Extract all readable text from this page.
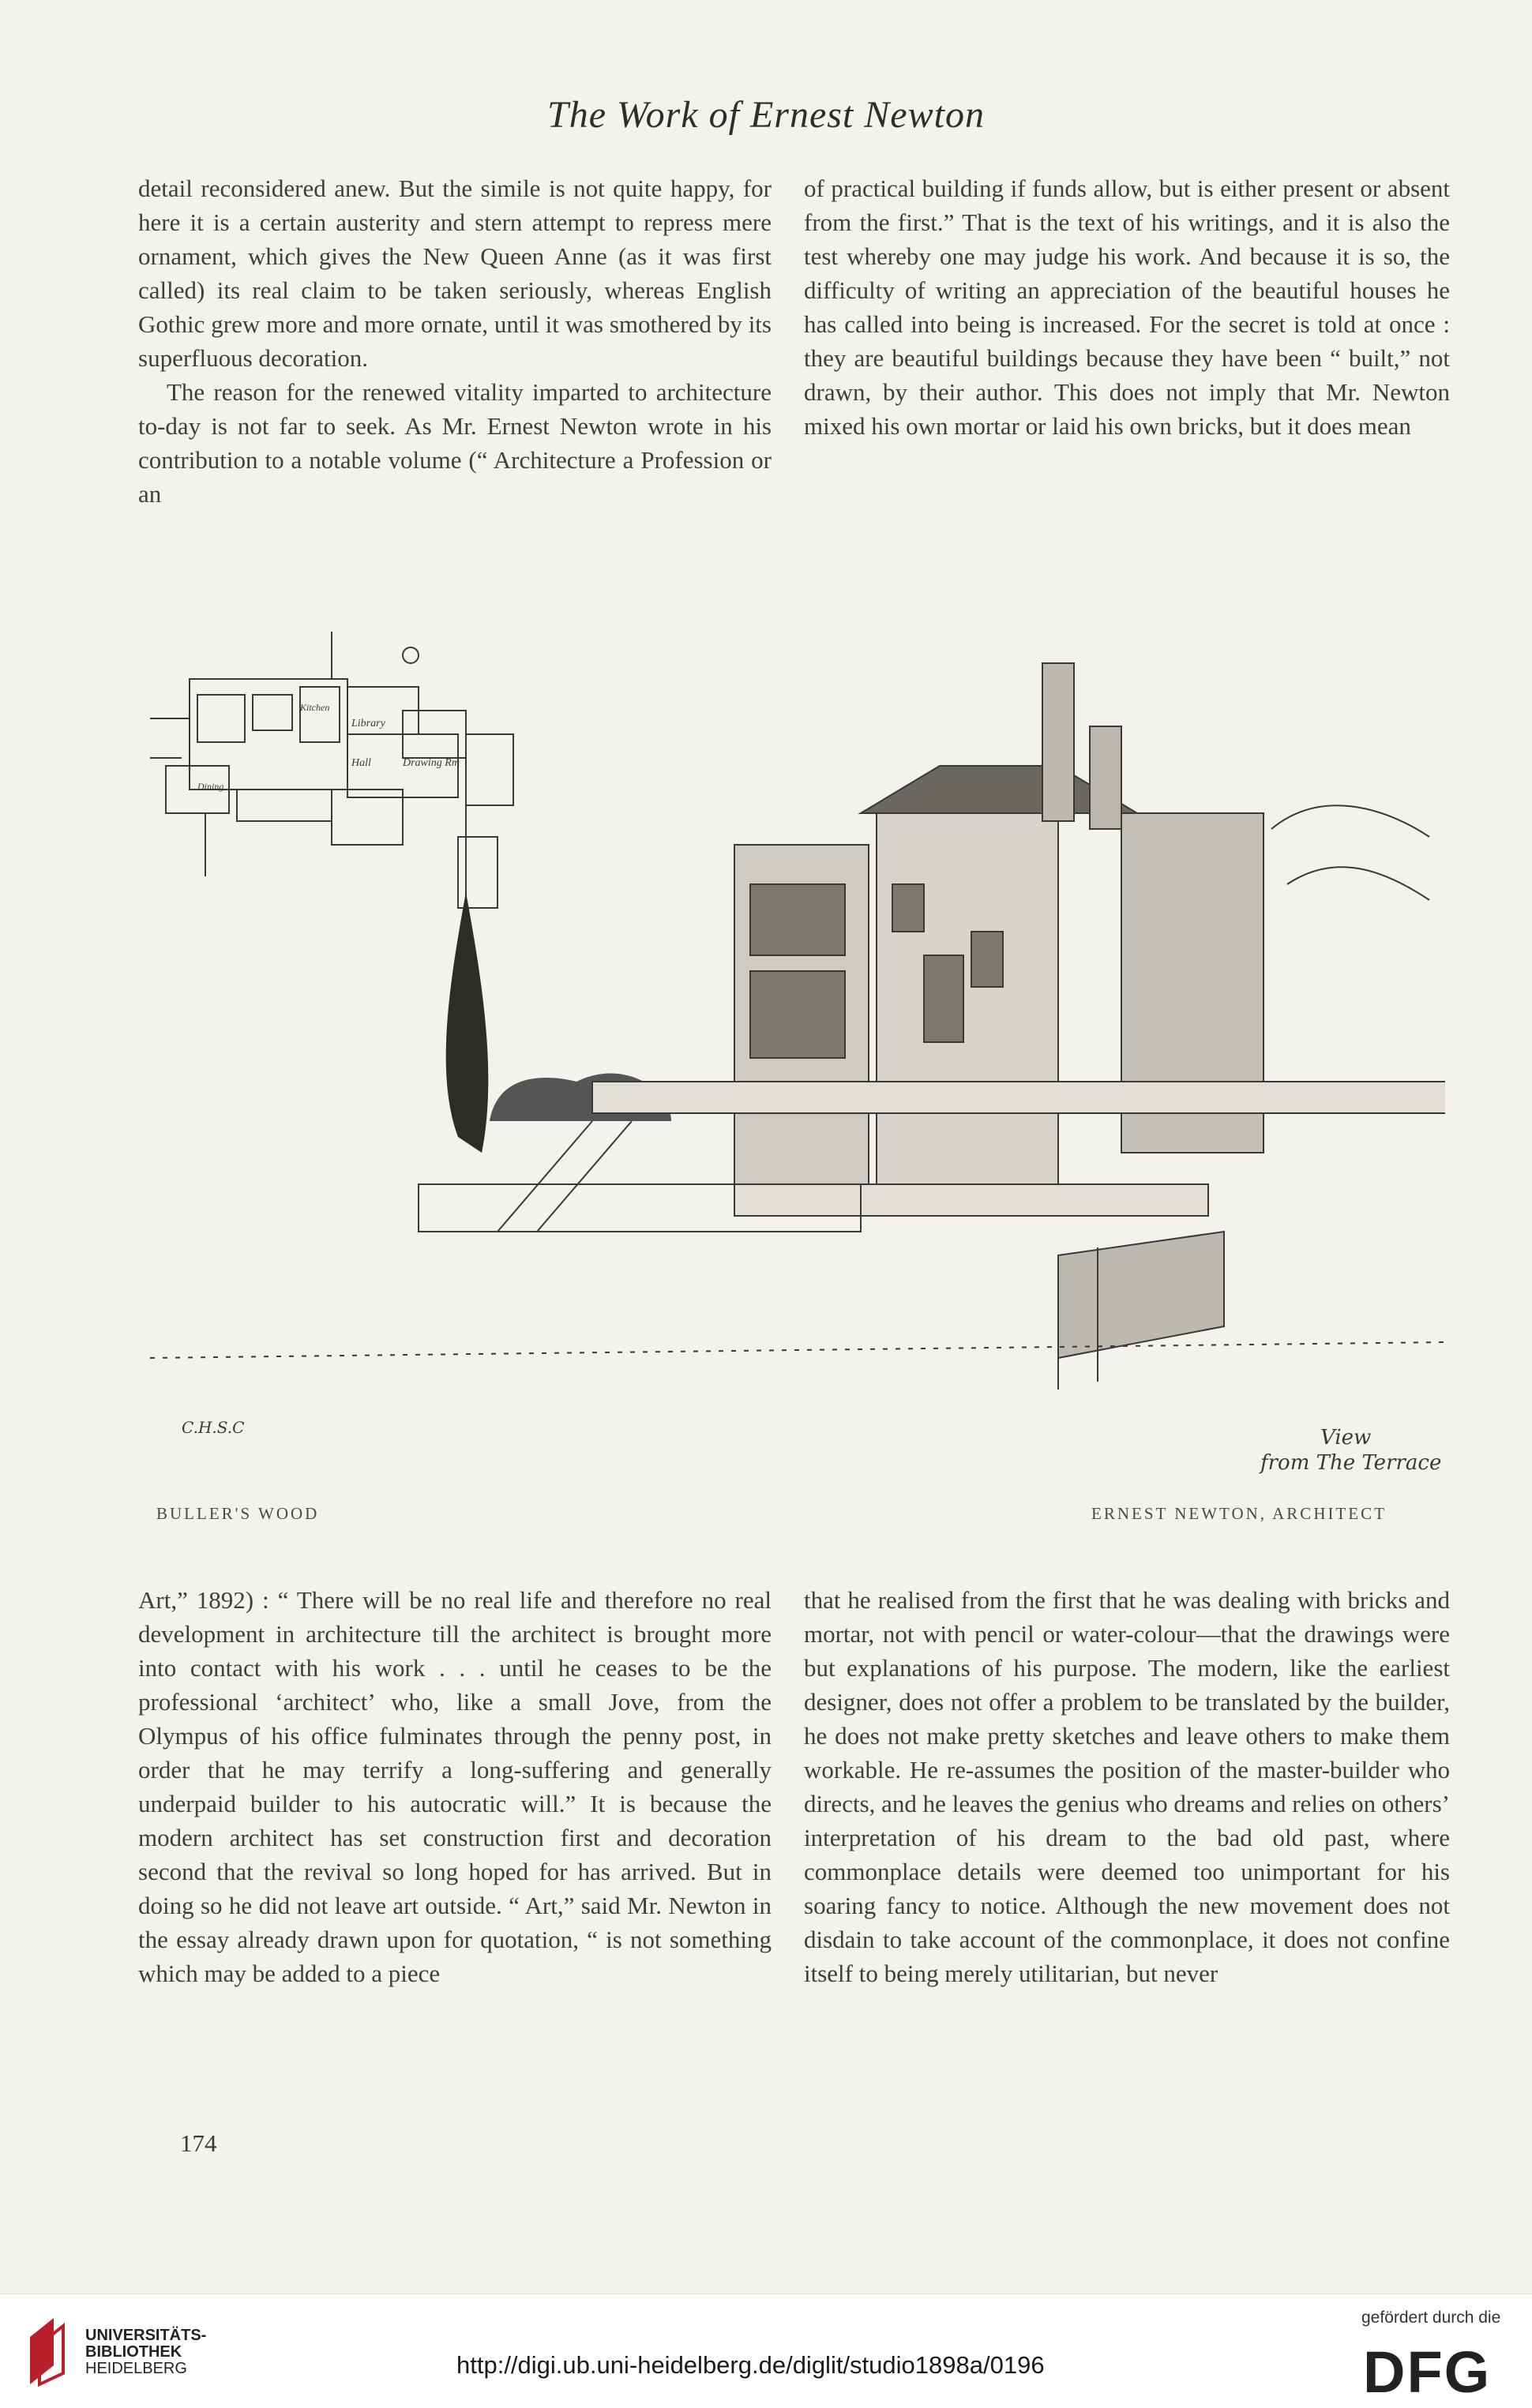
The Work of Ernest Newton

detail reconsidered anew. But the simile is not quite happy, for here it is a certain austerity and stern attempt to repress mere ornament, which gives the New Queen Anne (as it was first called) its real claim to be taken seriously, whereas English Gothic grew more and more ornate, until it was smothered by its superfluous decoration.

The reason for the renewed vitality imparted to architecture to-day is not far to seek. As Mr. Ernest Newton wrote in his contribution to a notable volume (“ Architecture a Profession or an

of practical building if funds allow, but is either present or absent from the first.” That is the text of his writings, and it is also the test whereby one may judge his work. And because it is so, the difficulty of writing an appreciation of the beautiful houses he has called into being is increased. For the secret is told at once : they are beautiful buildings because they have been “ built,” not drawn, by their author. This does not imply that Mr. Newton mixed his own mortar or laid his own bricks, but it does mean

Library
Hall	Drawing Rm
Dining
Kitchen
C.H.S.C	View
from The Terrace
BULLER'S WOOD	ERNEST NEWTON, ARCHITECT

Art,” 1892) : “ There will be no real life and therefore no real development in architecture till the architect is brought more into contact with his work . . . until he ceases to be the professional ‘architect’ who, like a small Jove, from the Olympus of his office fulminates through the penny post, in order that he may terrify a long-suffering and generally underpaid builder to his autocratic will.” It is because the modern architect has set construction first and decoration second that the revival so long hoped for has arrived. But in doing so he did not leave art outside. “ Art,” said Mr. Newton in the essay already drawn upon for quotation, “ is not something which may be added to a piece

that he realised from the first that he was dealing with bricks and mortar, not with pencil or water-colour—that the drawings were but explanations of his purpose. The modern, like the earliest designer, does not offer a problem to be translated by the builder, he does not make pretty sketches and leave others to make them workable. He re-assumes the position of the master-builder who directs, and he leaves the genius who dreams and relies on others’ interpretation of his dream to the bad old past, where commonplace details were deemed too unimportant for his soaring fancy to notice. Although the new movement does not disdain to take account of the commonplace, it does not confine itself to being merely utilitarian, but never

174
UNIVERSITÄTS-
BIBLIOTHEK
HEIDELBERG	http://digi.ub.uni-heidelberg.de/diglit/studio1898a/0196
gefördert durch die
DFG
